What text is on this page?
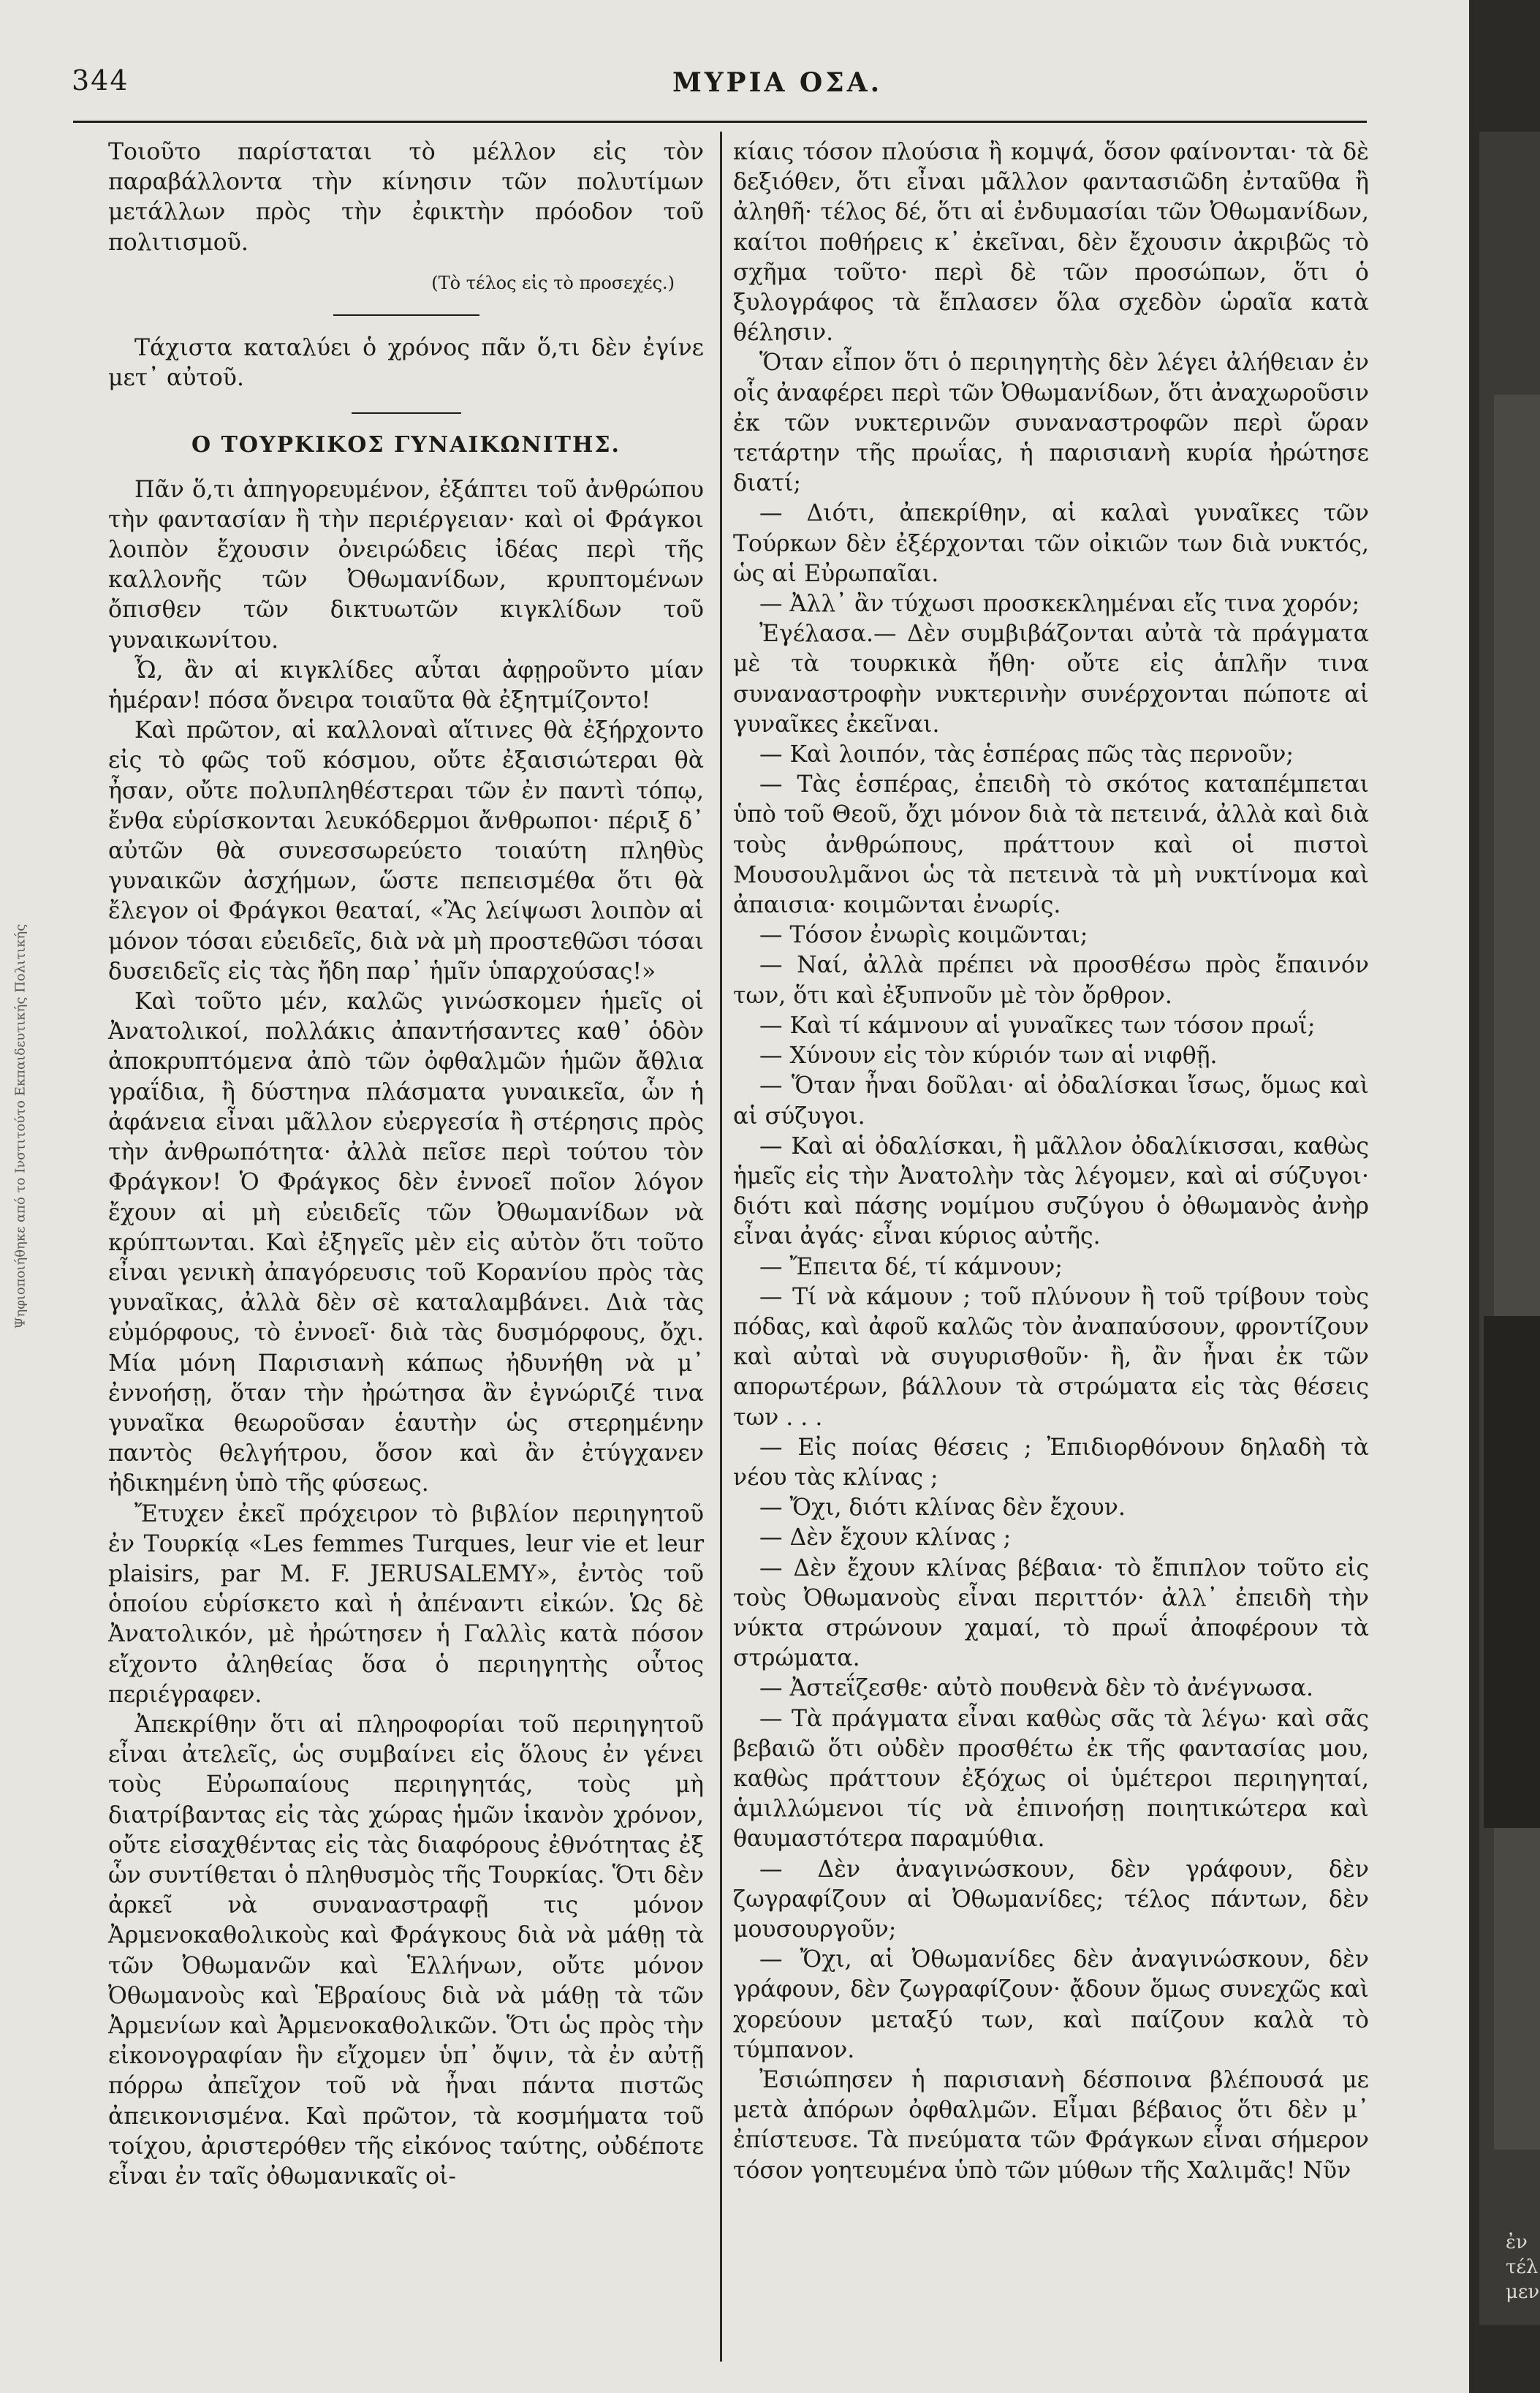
344	ΜΥΡΙΑ ΟΣΑ.
Ψηφιοποιήθηκε από το Ινστιτούτο Εκπαιδευτικής Πολιτικής

Τοιοῦτο παρίσταται τὸ μέλλον εἰς τὸν παραβάλλοντα τὴν κίνησιν τῶν πολυτίμων μετάλλων πρὸς τὴν ἐφικτὴν πρόοδον τοῦ πολιτισμοῦ.

(Τὸ τέλος εἰς τὸ προσεχές.)

Τάχιστα καταλύει ὁ χρόνος πᾶν ὅ,τι δὲν ἐγίνε μετ᾽ αὐτοῦ.

Ο ΤΟΥΡΚΙΚΟΣ ΓΥΝΑΙΚΩΝΙΤΗΣ.

Πᾶν ὅ,τι ἀπηγορευμένον, ἐξάπτει τοῦ ἀνθρώπου τὴν φαντασίαν ἢ τὴν περιέργειαν· καὶ οἱ Φράγκοι λοιπὸν ἔχουσιν ὀνειρώδεις ἰδέας περὶ τῆς καλλονῆς τῶν Ὀθωμανίδων, κρυπτομένων ὄπισθεν τῶν δικτυωτῶν κιγκλίδων τοῦ γυναικωνίτου.

Ὦ, ἂν αἱ κιγκλίδες αὗται ἀφῃροῦντο μίαν ἡμέραν! πόσα ὄνειρα τοιαῦτα θὰ ἐξητμίζοντο!

Καὶ πρῶτον, αἱ καλλοναὶ αἵτινες θὰ ἐξήρχοντο εἰς τὸ φῶς τοῦ κόσμου, οὔτε ἐξαισιώτεραι θὰ ἦσαν, οὔτε πολυπληθέστεραι τῶν ἐν παντὶ τόπῳ, ἔνθα εὑρίσκονται λευκόδερμοι ἄνθρωποι· πέριξ δ᾽ αὐτῶν θὰ συνεσσωρεύετο τοιαύτη πληθὺς γυναικῶν ἀσχήμων, ὥστε πεπεισμέθα ὅτι θὰ ἔλεγον οἱ Φράγκοι θεαταί, «Ἂς λείψωσι λοιπὸν αἱ μόνον τόσαι εὐειδεῖς, διὰ νὰ μὴ προστεθῶσι τόσαι δυσειδεῖς εἰς τὰς ἤδη παρ᾽ ἡμῖν ὑπαρχούσας!»

Καὶ τοῦτο μέν, καλῶς γινώσκομεν ἡμεῖς οἱ Ἀνατολικοί, πολλάκις ἀπαντήσαντες καθ᾽ ὁδὸν ἀποκρυπτόμενα ἀπὸ τῶν ὀφθαλμῶν ἡμῶν ἄθλια γραΐδια, ἢ δύστηνα πλάσματα γυναικεῖα, ὧν ἡ ἀφάνεια εἶναι μᾶλλον εὐεργεσία ἢ στέρησις πρὸς τὴν ἀνθρωπότητα· ἀλλὰ πεῖσε περὶ τούτου τὸν Φράγκον! Ὁ Φράγκος δὲν ἐννοεῖ ποῖον λόγον ἔχουν αἱ μὴ εὐειδεῖς τῶν Ὀθωμανίδων νὰ κρύπτωνται. Καὶ ἐξηγεῖς μὲν εἰς αὐτὸν ὅτι τοῦτο εἶναι γενικὴ ἀπαγόρευσις τοῦ Κορανίου πρὸς τὰς γυναῖκας, ἀλλὰ δὲν σὲ καταλαμβάνει. Διὰ τὰς εὐμόρφους, τὸ ἐννοεῖ· διὰ τὰς δυσμόρφους, ὄχι. Μία μόνη Παρισιανὴ κάπως ἠδυνήθη νὰ μ᾽ ἐννοήσῃ, ὅταν τὴν ἠρώτησα ἂν ἐγνώριζέ τινα γυναῖκα θεωροῦσαν ἑαυτὴν ὡς στερημένην παντὸς θελγήτρου, ὅσον καὶ ἂν ἐτύγχανεν ἠδικημένη ὑπὸ τῆς φύσεως.

Ἔτυχεν ἐκεῖ πρόχειρον τὸ βιβλίον περιηγητοῦ ἐν Τουρκίᾳ «Les femmes Turques, leur vie et leur plaisirs, par M. F. JERUSALEMY», ἐντὸς τοῦ ὁποίου εὑρίσκετο καὶ ἡ ἀπέναντι εἰκών. Ὡς δὲ Ἀνατολικόν, μὲ ἠρώτησεν ἡ Γαλλὶς κατὰ πόσον εἴχοντο ἀληθείας ὅσα ὁ περιηγητὴς οὗτος περιέγραφεν.

Ἀπεκρίθην ὅτι αἱ πληροφορίαι τοῦ περιηγητοῦ εἶναι ἀτελεῖς, ὡς συμβαίνει εἰς ὅλους ἐν γένει τοὺς Εὐρωπαίους περιηγητάς, τοὺς μὴ διατρίβαντας εἰς τὰς χώρας ἡμῶν ἱκανὸν χρόνον, οὔτε εἰσαχθέντας εἰς τὰς διαφόρους ἐθνότητας ἐξ ὧν συντίθεται ὁ πληθυσμὸς τῆς Τουρκίας. Ὅτι δὲν ἀρκεῖ νὰ συναναστραφῇ τις μόνον Ἀρμενοκαθολικοὺς καὶ Φράγκους διὰ νὰ μάθῃ τὰ τῶν Ὀθωμανῶν καὶ Ἑλλήνων, οὔτε μόνον Ὀθωμανοὺς καὶ Ἑβραίους διὰ νὰ μάθῃ τὰ τῶν Ἀρμενίων καὶ Ἀρμενοκαθολικῶν. Ὅτι ὡς πρὸς τὴν εἰκονογραφίαν ἣν εἴχομεν ὑπ᾽ ὄψιν, τὰ ἐν αὐτῇ πόρρω ἀπεῖχον τοῦ νὰ ἦναι πάντα πιστῶς ἀπεικονισμένα. Καὶ πρῶτον, τὰ κοσμήματα τοῦ τοίχου, ἀριστερόθεν τῆς εἰκόνος ταύτης, οὐδέποτε εἶναι ἐν ταῖς ὀθωμανικαῖς οἰ-

κίαις τόσον πλούσια ἢ κομψά, ὅσον φαίνονται· τὰ δὲ δεξιόθεν, ὅτι εἶναι μᾶλλον φαντασιῶδη ἐνταῦθα ἢ ἀληθῆ· τέλος δέ, ὅτι αἱ ἐνδυμασίαι τῶν Ὀθωμανίδων, καίτοι ποθήρεις κ᾽ ἐκεῖναι, δὲν ἔχουσιν ἀκριβῶς τὸ σχῆμα τοῦτο· περὶ δὲ τῶν προσώπων, ὅτι ὁ ξυλογράφος τὰ ἔπλασεν ὅλα σχεδὸν ὡραῖα κατὰ θέλησιν.

Ὅταν εἶπον ὅτι ὁ περιηγητὴς δὲν λέγει ἀλήθειαν ἐν οἷς ἀναφέρει περὶ τῶν Ὀθωμανίδων, ὅτι ἀναχωροῦσιν ἐκ τῶν νυκτερινῶν συναναστροφῶν περὶ ὥραν τετάρτην τῆς πρωΐας, ἡ παρισιανὴ κυρία ἠρώτησε διατί;

— Διότι, ἀπεκρίθην, αἱ καλαὶ γυναῖκες τῶν Τούρκων δὲν ἐξέρχονται τῶν οἰκιῶν των διὰ νυκτός, ὡς αἱ Εὐρωπαῖαι.

— Ἀλλ᾽ ἂν τύχωσι προσκεκλημέναι εἴς τινα χορόν;

Ἐγέλασα.— Δὲν συμβιβάζονται αὐτὰ τὰ πράγματα μὲ τὰ τουρκικὰ ἤθη· οὔτε εἰς ἁπλῆν τινα συναναστροφὴν νυκτερινὴν συνέρχονται πώποτε αἱ γυναῖκες ἐκεῖναι.

— Καὶ λοιπόν, τὰς ἑσπέρας πῶς τὰς περνοῦν;

— Τὰς ἑσπέρας, ἐπειδὴ τὸ σκότος καταπέμπεται ὑπὸ τοῦ Θεοῦ, ὄχι μόνον διὰ τὰ πετεινά, ἀλλὰ καὶ διὰ τοὺς ἀνθρώπους, πράττουν καὶ οἱ πιστοὶ Μουσουλμᾶνοι ὡς τὰ πετεινὰ τὰ μὴ νυκτίνομα καὶ ἀπαισια· κοιμῶνται ἐνωρίς.

— Τόσον ἐνωρὶς κοιμῶνται;

— Ναί, ἀλλὰ πρέπει νὰ προσθέσω πρὸς ἔπαινόν των, ὅτι καὶ ἐξυπνοῦν μὲ τὸν ὄρθρον.

— Καὶ τί κάμνουν αἱ γυναῖκες των τόσον πρωΐ;

— Χύνουν εἰς τὸν κύριόν των αἱ νιφθῇ.

— Ὅταν ἦναι δοῦλαι· αἱ ὀδαλίσκαι ἴσως, ὅμως καὶ αἱ σύζυγοι.

— Καὶ αἱ ὀδαλίσκαι, ἢ μᾶλλον ὀδαλίκισσαι, καθὼς ἡμεῖς εἰς τὴν Ἀνατολὴν τὰς λέγομεν, καὶ αἱ σύζυγοι· διότι καὶ πάσης νομίμου συζύγου ὁ ὀθωμανὸς ἀνὴρ εἶναι ἀγάς· εἶναι κύριος αὐτῆς.

— Ἔπειτα δέ, τί κάμνουν;

— Τί νὰ κάμουν ; τοῦ πλύνουν ἢ τοῦ τρίβουν τοὺς πόδας, καὶ ἀφοῦ καλῶς τὸν ἀναπαύσουν, φροντίζουν καὶ αὐταὶ νὰ συγυρισθοῦν· ἢ, ἂν ἦναι ἐκ τῶν απορωτέρων, βάλλουν τὰ στρώματα εἰς τὰς θέσεις των . . .

— Εἰς ποίας θέσεις ; Ἐπιδιορθόνουν δηλαδὴ τὰ νέου τὰς κλίνας ;

— Ὄχι, διότι κλίνας δὲν ἔχουν.

— Δὲν ἔχουν κλίνας ;

— Δὲν ἔχουν κλίνας βέβαια· τὸ ἔπιπλον τοῦτο εἰς τοὺς Ὀθωμανοὺς εἶναι περιττόν· ἀλλ᾽ ἐπειδὴ τὴν νύκτα στρώνουν χαμαί, τὸ πρωΐ ἀποφέρουν τὰ στρώματα.

— Ἀστεΐζεσθε· αὐτὸ πουθενὰ δὲν τὸ ἀνέγνωσα.

— Τὰ πράγματα εἶναι καθὼς σᾶς τὰ λέγω· καὶ σᾶς βεβαιῶ ὅτι οὐδὲν προσθέτω ἐκ τῆς φαντασίας μου, καθὼς πράττουν ἐξόχως οἱ ὑμέτεροι περιηγηταί, ἁμιλλώμενοι τίς νὰ ἐπινοήσῃ ποιητικώτερα καὶ θαυμαστότερα παραμύθια.

— Δὲν ἀναγινώσκουν, δὲν γράφουν, δὲν ζωγραφίζουν αἱ Ὀθωμανίδες; τέλος πάντων, δὲν μουσουργοῦν;

— Ὄχι, αἱ Ὀθωμανίδες δὲν ἀναγινώσκουν, δὲν γράφουν, δὲν ζωγραφίζουν· ᾄδουν ὅμως συνεχῶς καὶ χορεύουν μεταξύ των, καὶ παίζουν καλὰ τὸ τύμπανον.

Ἐσιώπησεν ἡ παρισιανὴ δέσποινα βλέπουσά με μετὰ ἀπόρων ὀφθαλμῶν. Εἶμαι βέβαιος ὅτι δὲν μ᾽ ἐπίστευσε. Τὰ πνεύματα τῶν Φράγκων εἶναι σήμερον τόσον γοητευμένα ὑπὸ τῶν μύθων τῆς Χαλιμᾶς! Νῦν

ἐν
τέλ
μεν
